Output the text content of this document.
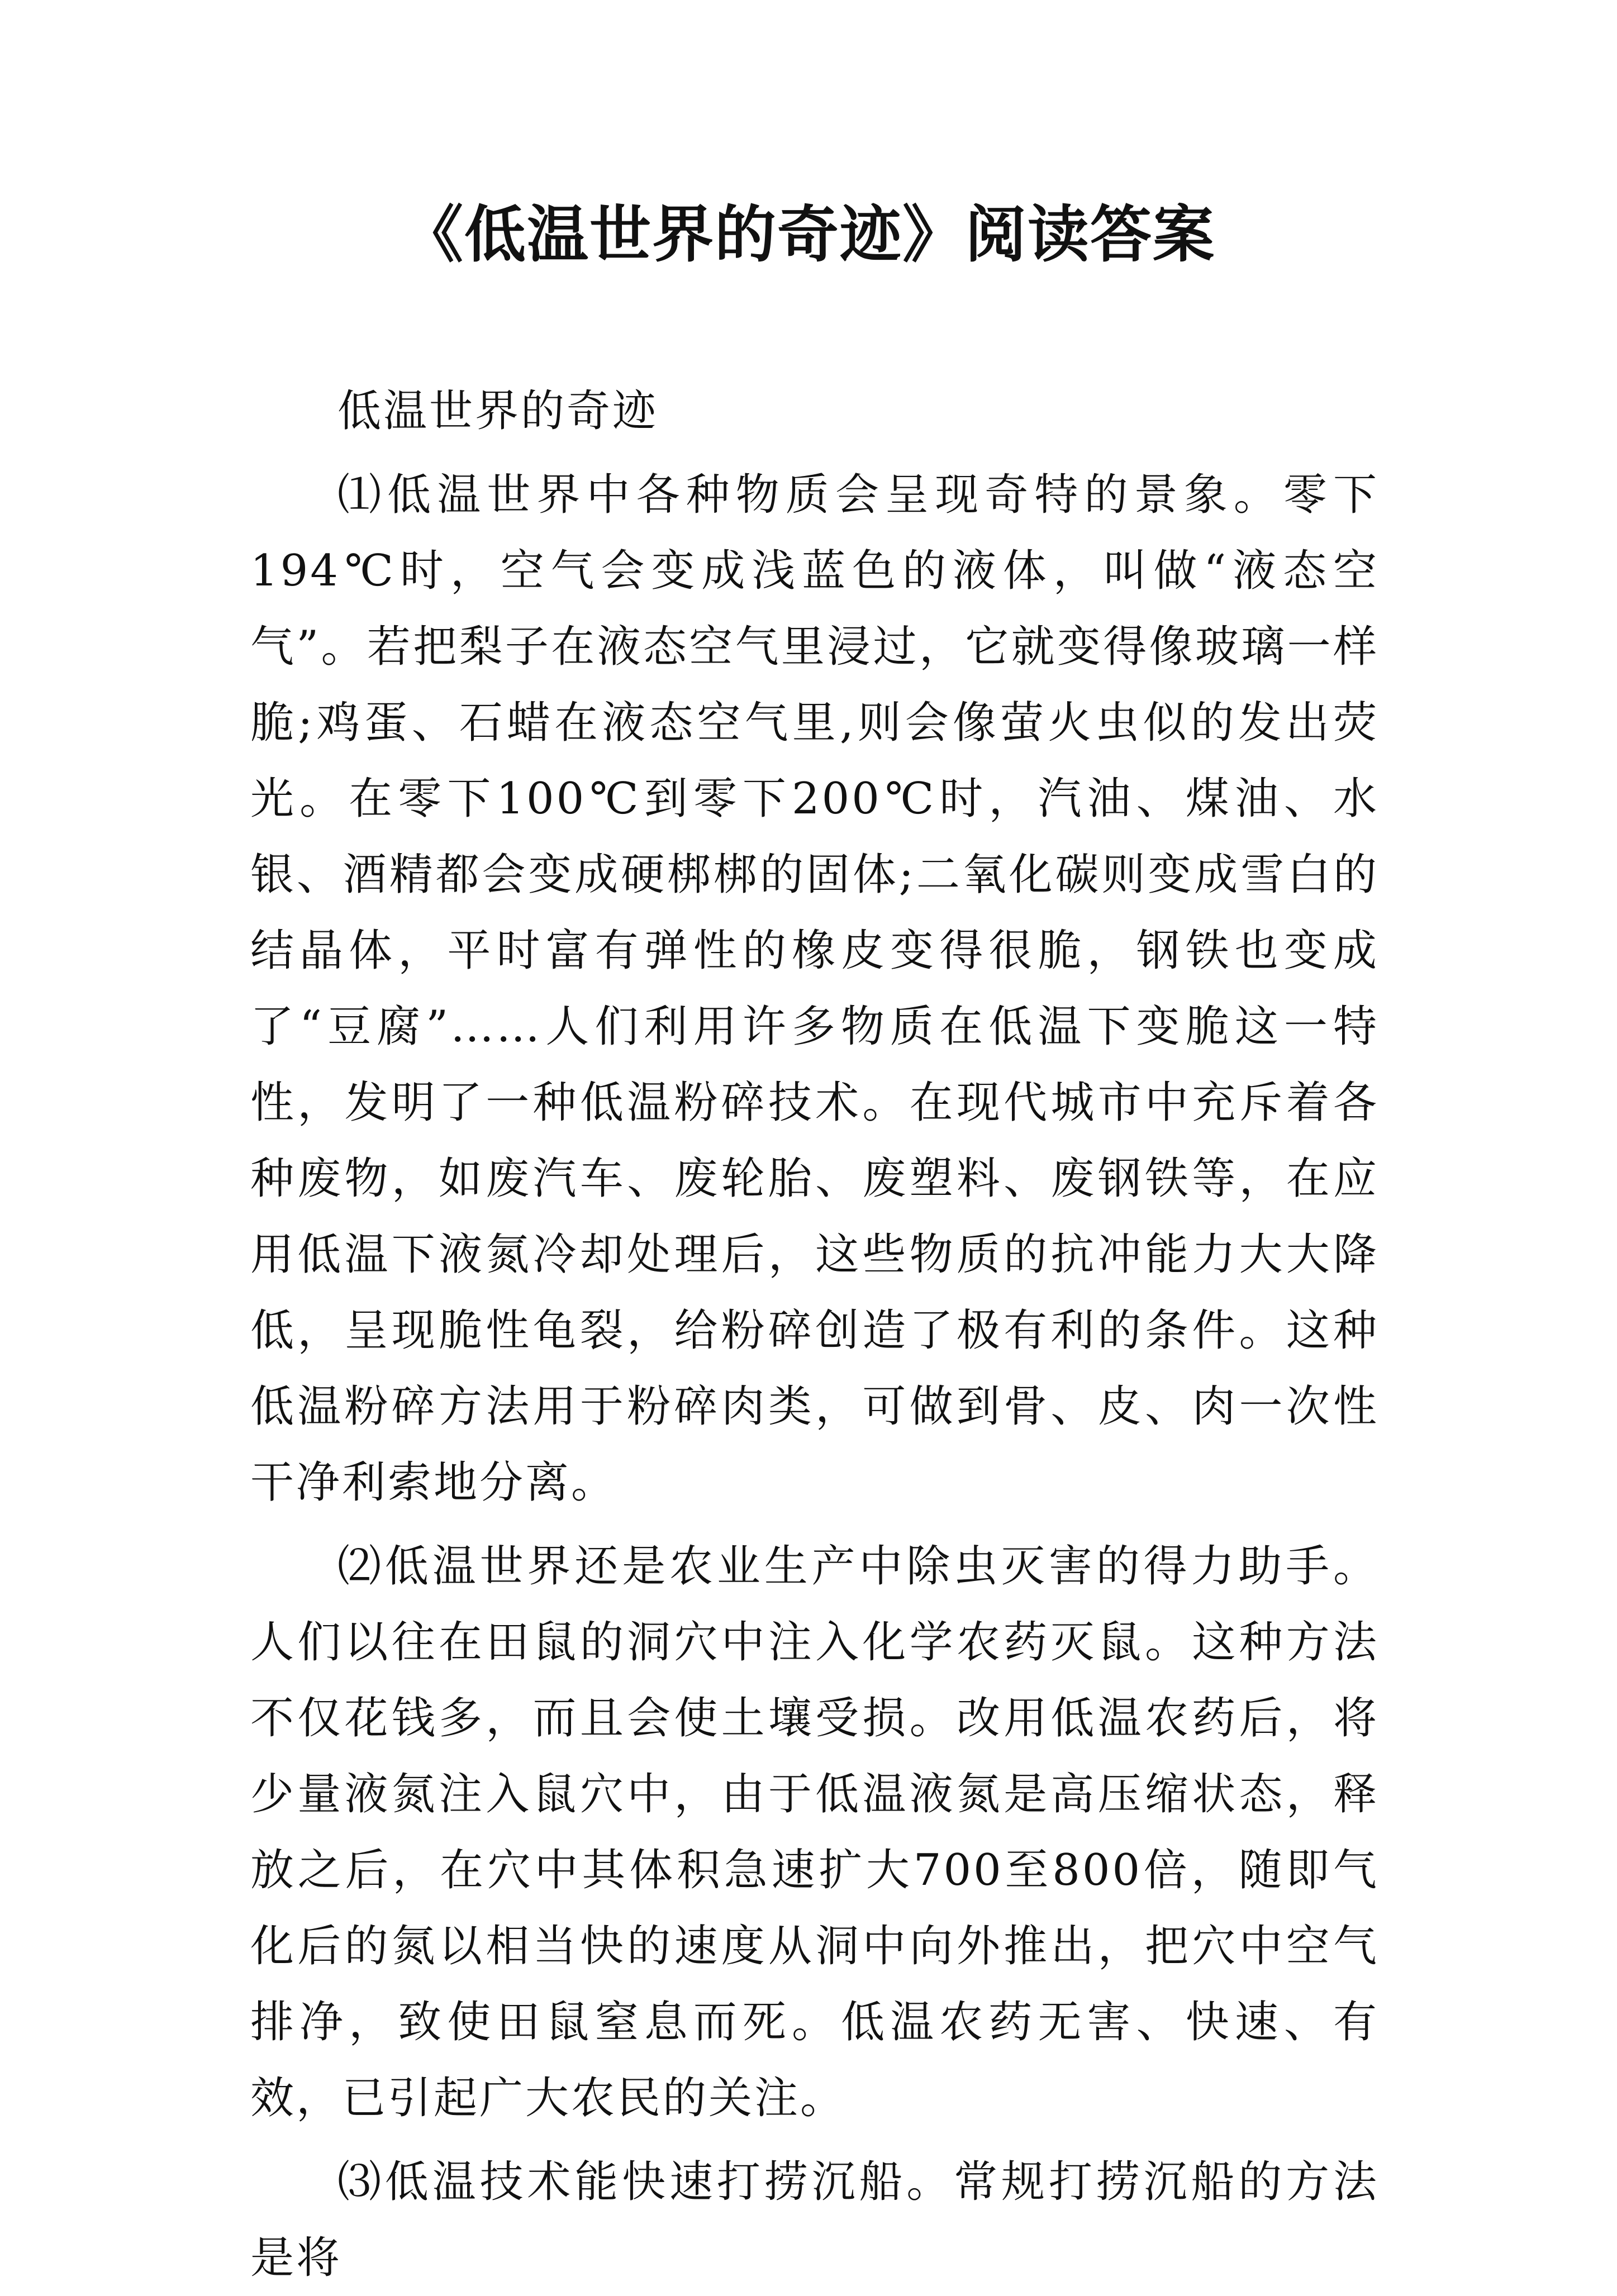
《低温世界的奇迹》阅读答案

低温世界的奇迹

⑴低温世界中各种物质会呈现奇特的景象。零下194℃时，空气会变成浅蓝色的液体，叫做“液态空气”。若把梨子在液态空气里浸过，它就变得像玻璃一样脆;鸡蛋、石蜡在液态空气里,则会像萤火虫似的发出荧光。在零下100℃到零下200℃时，汽油、煤油、水银、酒精都会变成硬梆梆的固体;二氧化碳则变成雪白的结晶体，平时富有弹性的橡皮变得很脆，钢铁也变成了“豆腐”……人们利用许多物质在低温下变脆这一特性，发明了一种低温粉碎技术。在现代城市中充斥着各种废物，如废汽车、废轮胎、废塑料、废钢铁等，在应用低温下液氮冷却处理后，这些物质的抗冲能力大大降低，呈现脆性龟裂，给粉碎创造了极有利的条件。这种低温粉碎方法用于粉碎肉类，可做到骨、皮、肉一次性干净利索地分离。

⑵低温世界还是农业生产中除虫灭害的得力助手。人们以往在田鼠的洞穴中注入化学农药灭鼠。这种方法不仅花钱多，而且会使土壤受损。改用低温农药后，将少量液氮注入鼠穴中，由于低温液氮是高压缩状态，释放之后，在穴中其体积急速扩大700至800倍，随即气化后的氮以相当快的速度从洞中向外推出，把穴中空气排净，致使田鼠窒息而死。低温农药无害、快速、有效，已引起广大农民的关注。

⑶低温技术能快速打捞沉船。常规打捞沉船的方法是将
